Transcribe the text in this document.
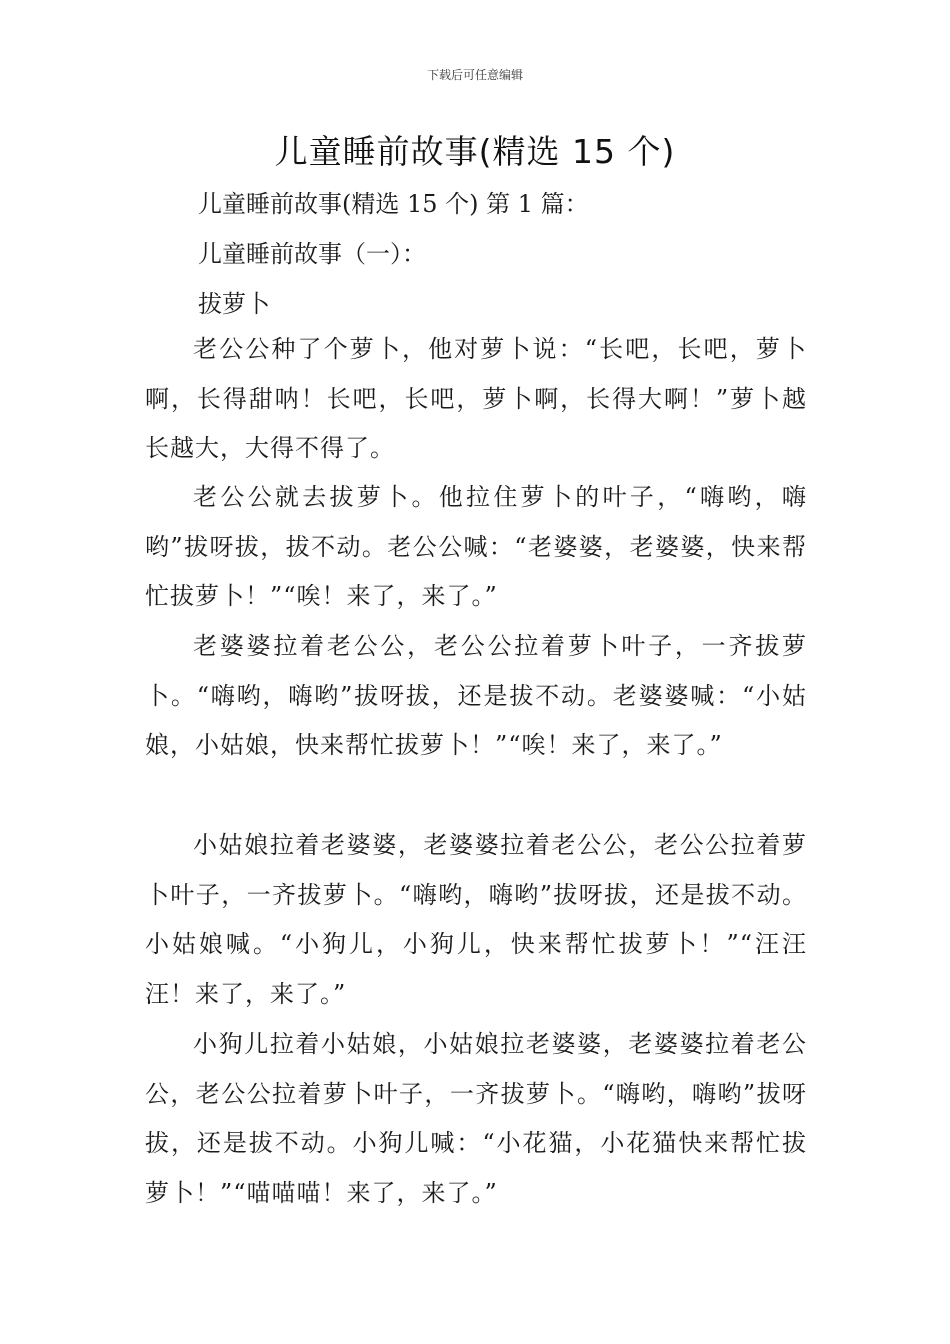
下载后可任意编辑
儿童睡前故事(精选 15 个)
儿童睡前故事(精选 15 个) 第 1 篇：
儿童睡前故事（一）：
拔萝卜

老公公种了个萝卜，他对萝卜说：“长吧，长吧，萝卜啊，长得甜呐！长吧，长吧，萝卜啊，长得大啊！”萝卜越长越大，大得不得了。

老公公就去拔萝卜。他拉住萝卜的叶子，“嗨哟，嗨哟”拔呀拔，拔不动。老公公喊：“老婆婆，老婆婆，快来帮忙拔萝卜！”“唉！来了，来了。”

老婆婆拉着老公公，老公公拉着萝卜叶子，一齐拔萝卜。“嗨哟，嗨哟”拔呀拔，还是拔不动。老婆婆喊：“小姑娘，小姑娘，快来帮忙拔萝卜！”“唉！来了，来了。”

小姑娘拉着老婆婆，老婆婆拉着老公公，老公公拉着萝卜叶子，一齐拔萝卜。“嗨哟，嗨哟”拔呀拔，还是拔不动。小姑娘喊。“小狗儿，小狗儿，快来帮忙拔萝卜！”“汪汪汪！来了，来了。”

小狗儿拉着小姑娘，小姑娘拉老婆婆，老婆婆拉着老公公，老公公拉着萝卜叶子，一齐拔萝卜。“嗨哟，嗨哟”拔呀拔，还是拔不动。小狗儿喊：“小花猫，小花猫快来帮忙拔萝卜！”“喵喵喵！来了，来了。”
